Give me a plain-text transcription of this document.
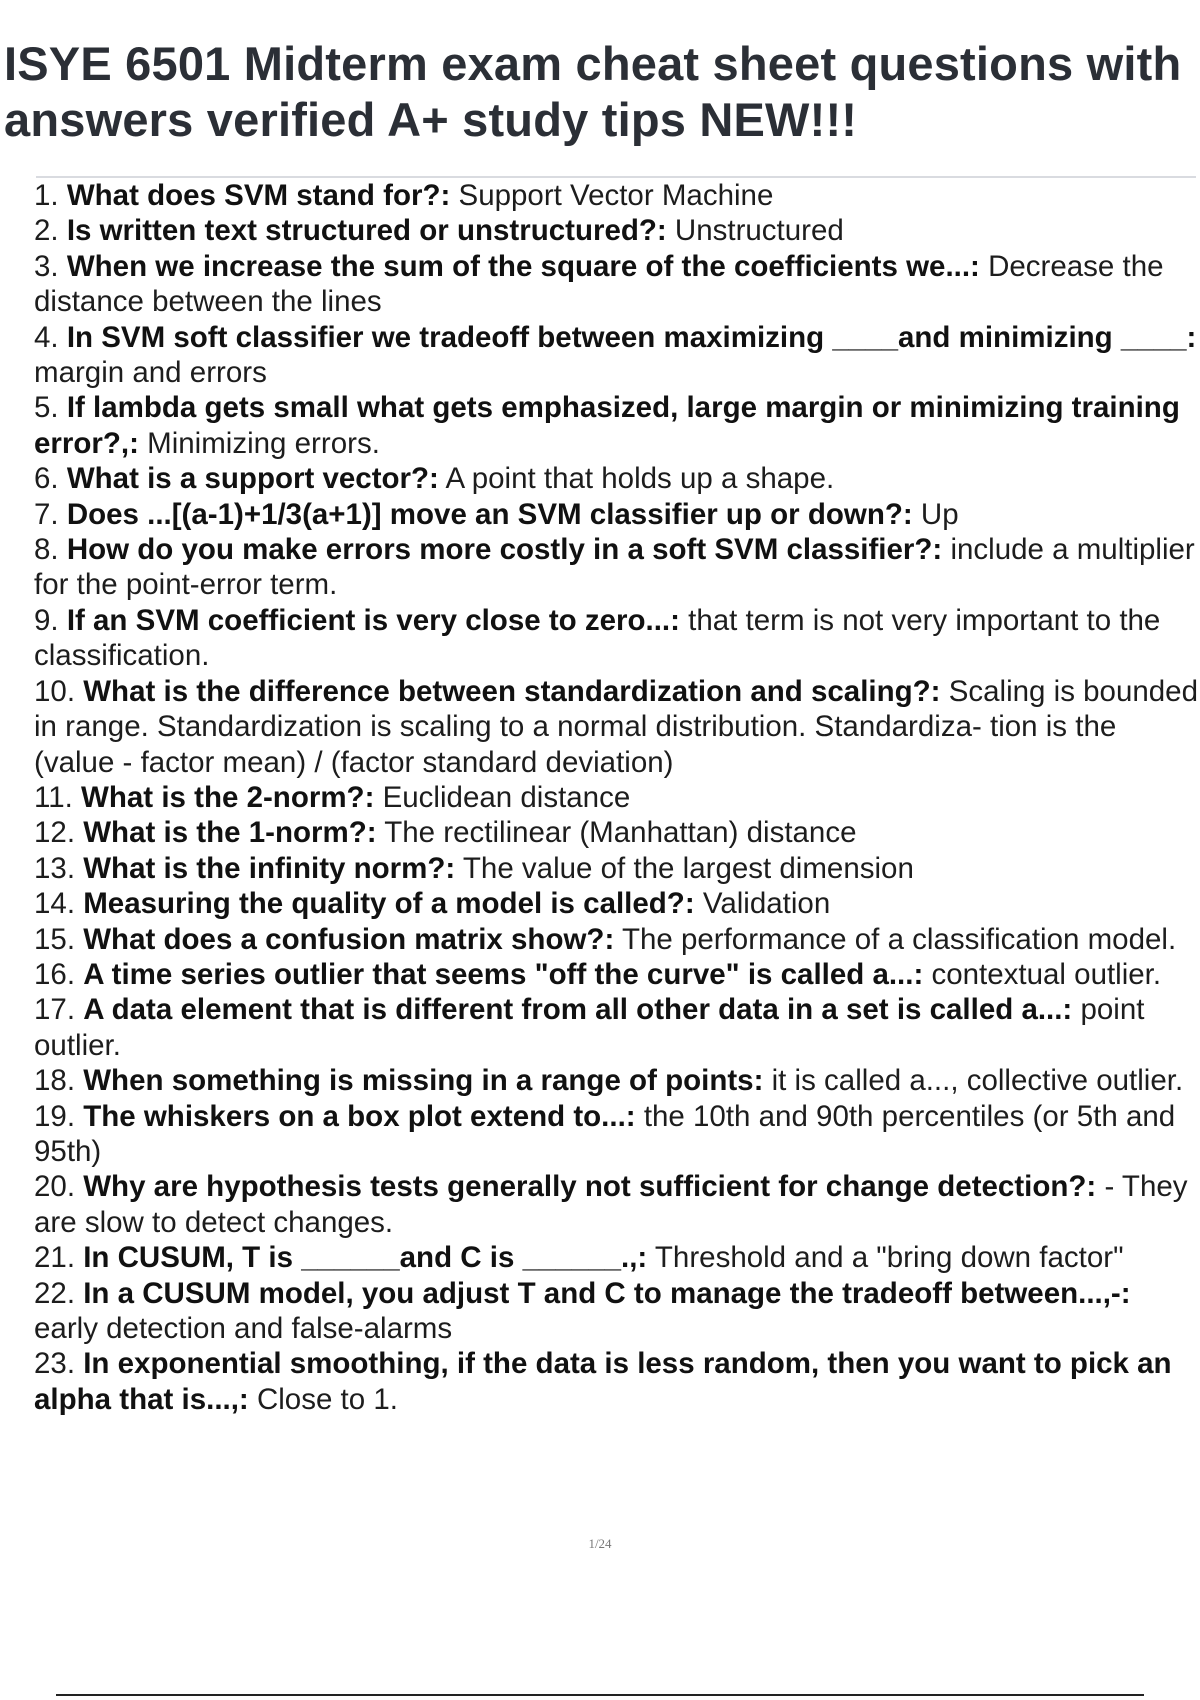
ISYE 6501 Midterm exam cheat sheet questions with answers verified A+ study tips NEW!!!
1. What does SVM stand for?: Support Vector Machine
2. Is written text structured or unstructured?: Unstructured
3. When we increase the sum of the square of the coefficients we...: Decrease the distance between the lines
4. In SVM soft classifier we tradeoff between maximizing ____and minimizing ____: margin and errors
5. If lambda gets small what gets emphasized, large margin or minimizing training error?,: Minimizing errors.
6. What is a support vector?: A point that holds up a shape.
7. Does ...[(a-1)+1/3(a+1)] move an SVM classifier up or down?: Up
8. How do you make errors more costly in a soft SVM classifier?: include a multiplier for the point-error term.
9. If an SVM coefficient is very close to zero...: that term is not very important to the classification.
10. What is the difference between standardization and scaling?: Scaling is bounded in range. Standardization is scaling to a normal distribution. Standardiza- tion is the (value - factor mean) / (factor standard deviation)
11. What is the 2-norm?: Euclidean distance
12. What is the 1-norm?: The rectilinear (Manhattan) distance
13. What is the infinity norm?: The value of the largest dimension
14. Measuring the quality of a model is called?: Validation
15. What does a confusion matrix show?: The performance of a classification model.
16. A time series outlier that seems "off the curve" is called a...: contextual outlier.
17. A data element that is different from all other data in a set is called a...: point outlier.
18. When something is missing in a range of points: it is called a..., collective outlier.
19. The whiskers on a box plot extend to...: the 10th and 90th percentiles (or 5th and 95th)
20. Why are hypothesis tests generally not sufficient for change detection?: - They are slow to detect changes.
21. In CUSUM, T is ______and C is ______.,: Threshold and a "bring down factor"
22. In a CUSUM model, you adjust T and C to manage the tradeoff between...,-: early detection and false-alarms
23. In exponential smoothing, if the data is less random, then you want to pick an alpha that is...,: Close to 1.
1/24
